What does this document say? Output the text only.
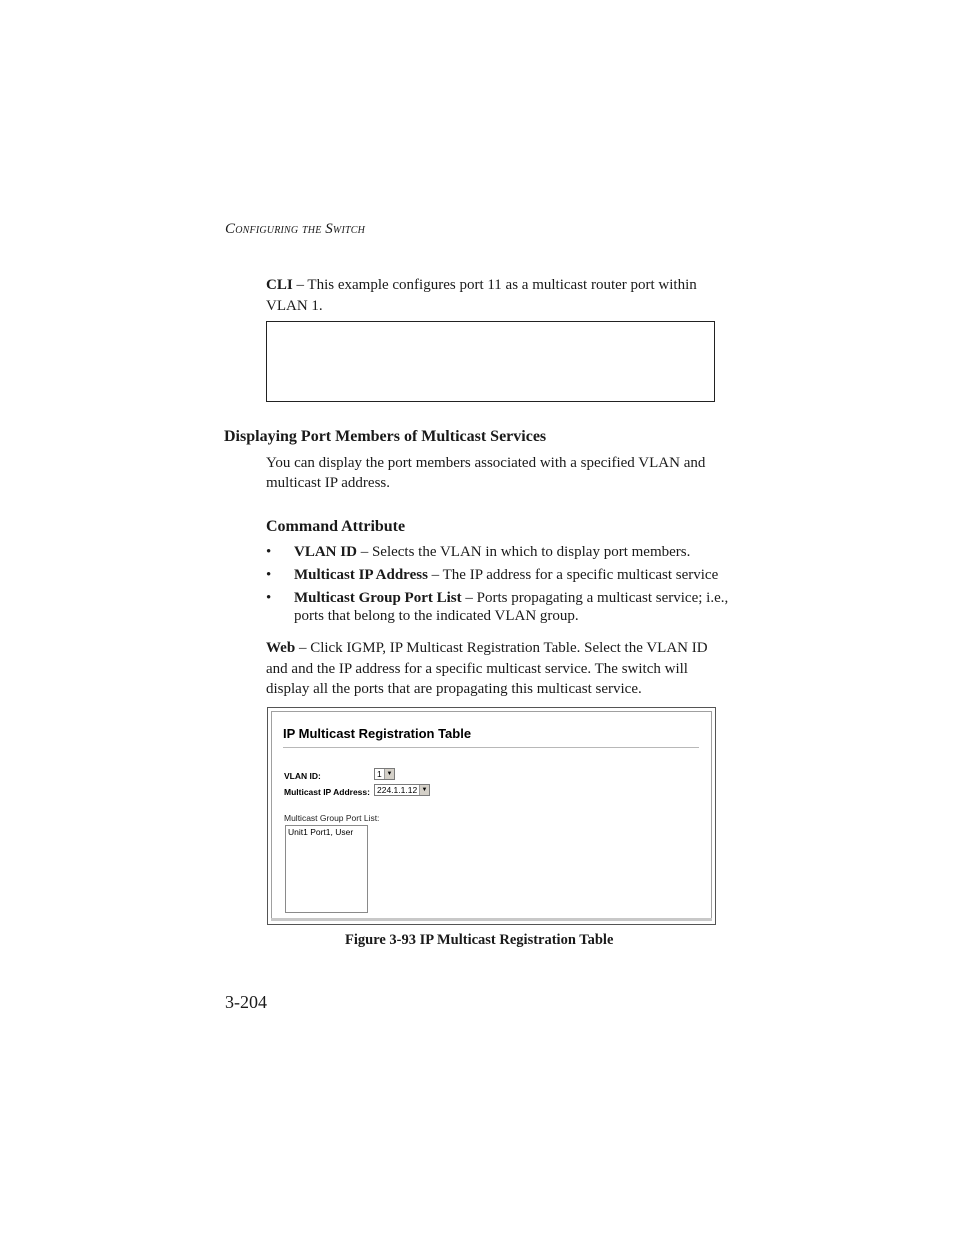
Configuring the Switch
CLI – This example configures port 11 as a multicast router port within VLAN 1.
Displaying Port Members of Multicast Services
You can display the port members associated with a specified VLAN and multicast IP address.
Command Attribute
• VLAN ID – Selects the VLAN in which to display port members.
• Multicast IP Address – The IP address for a specific multicast service
• Multicast Group Port List – Ports propagating a multicast service; i.e., ports that belong to the indicated VLAN group.
Web – Click IGMP, IP Multicast Registration Table. Select the VLAN ID and and the IP address for a specific multicast service. The switch will display all the ports that are propagating this multicast service.
IP Multicast Registration Table
VLAN ID:	1 ▼
Multicast IP Address: 224.1.1.12 ▼
Multicast Group Port List:
Unit1 Port1, User
Figure 3-93 IP Multicast Registration Table
3-204
